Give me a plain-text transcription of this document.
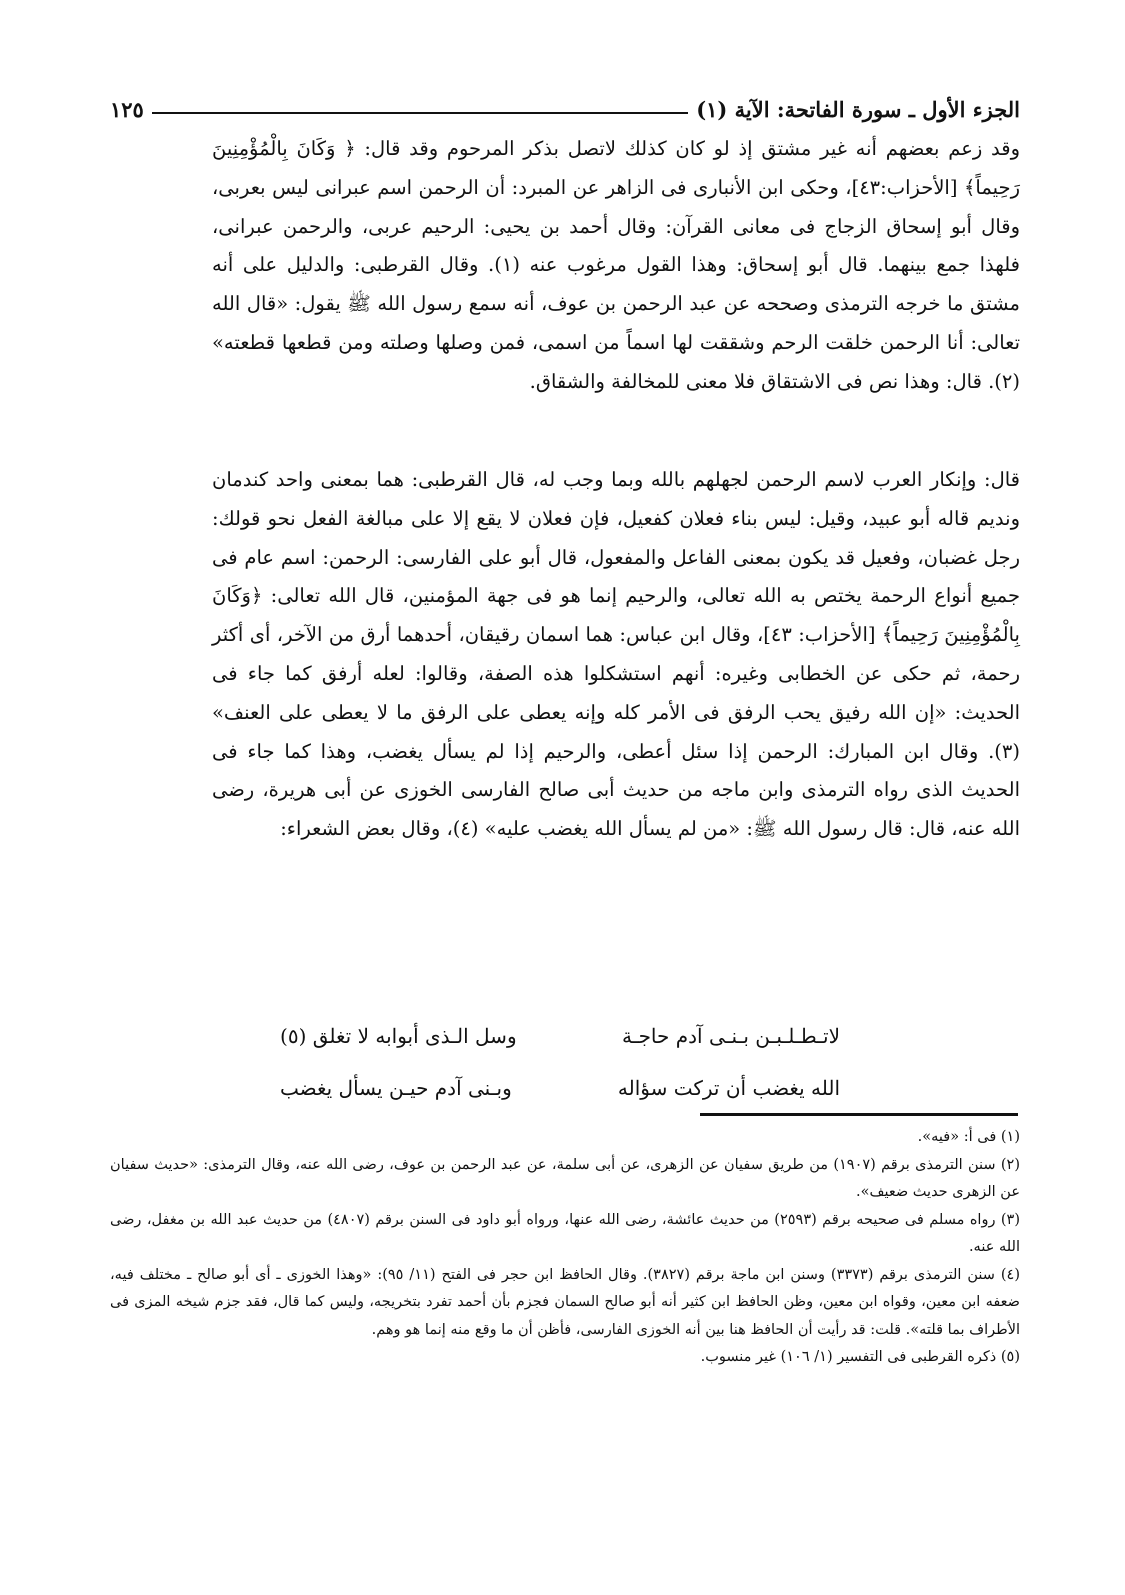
الجزء الأول ـ سورة الفاتحة: الآية (١)
١٢٥

وقد زعم بعضهم أنه غير مشتق إذ لو كان كذلك لاتصل بذكر المرحوم وقد قال: ﴿ وَكَانَ بِالْمُؤْمِنِينَ رَحِيماً﴾ [الأحزاب:٤٣]، وحكى ابن الأنبارى فى الزاهر عن المبرد: أن الرحمن اسم عبرانى ليس بعربى، وقال أبو إسحاق الزجاج فى معانى القرآن: وقال أحمد بن يحيى: الرحيم عربى، والرحمن عبرانى، فلهذا جمع بينهما. قال أبو إسحاق: وهذا القول مرغوب عنه (١). وقال القرطبى: والدليل على أنه مشتق ما خرجه الترمذى وصححه عن عبد الرحمن بن عوف، أنه سمع رسول الله ﷺ يقول: «قال الله تعالى: أنا الرحمن خلقت الرحم وشققت لها اسماً من اسمى، فمن وصلها وصلته ومن قطعها قطعته» (٢). قال: وهذا نص فى الاشتقاق فلا معنى للمخالفة والشقاق.

قال: وإنكار العرب لاسم الرحمن لجهلهم بالله وبما وجب له، قال القرطبى: هما بمعنى واحد كندمان ونديم قاله أبو عبيد، وقيل: ليس بناء فعلان كفعيل، فإن فعلان لا يقع إلا على مبالغة الفعل نحو قولك: رجل غضبان، وفعيل قد يكون بمعنى الفاعل والمفعول، قال أبو على الفارسى: الرحمن: اسم عام فى جميع أنواع الرحمة يختص به الله تعالى، والرحيم إنما هو فى جهة المؤمنين، قال الله تعالى: ﴿وَكَانَ بِالْمُؤْمِنِينَ رَحِيماً﴾ [الأحزاب: ٤٣]، وقال ابن عباس: هما اسمان رقيقان، أحدهما أرق من الآخر، أى أكثر رحمة، ثم حكى عن الخطابى وغيره: أنهم استشكلوا هذه الصفة، وقالوا: لعله أرفق كما جاء فى الحديث: «إن الله رفيق يحب الرفق فى الأمر كله وإنه يعطى على الرفق ما لا يعطى على العنف» (٣). وقال ابن المبارك: الرحمن إذا سئل أعطى، والرحيم إذا لم يسأل يغضب، وهذا كما جاء فى الحديث الذى رواه الترمذى وابن ماجه من حديث أبى صالح الفارسى الخوزى عن أبى هريرة، رضى الله عنه، قال: قال رسول الله ﷺ: «من لم يسأل الله يغضب عليه» (٤)، وقال بعض الشعراء:

لاتـطـلـبـن بـنـى آدم حاجـة
وسل الـذى أبوابه لا تغلق (٥)
الله يغضب أن تركت سؤاله
وبـنى آدم حيـن يسأل يغضب

(١) فى أ: «فيه».

(٢) سنن الترمذى برقم (١٩٠٧) من طريق سفيان عن الزهرى، عن أبى سلمة، عن عبد الرحمن بن عوف، رضى الله عنه، وقال الترمذى: «حديث سفيان عن الزهرى حديث ضعيف».

(٣) رواه مسلم فى صحيحه برقم (٢٥٩٣) من حديث عائشة، رضى الله عنها، ورواه أبو داود فى السنن برقم (٤٨٠٧) من حديث عبد الله بن مغفل، رضى الله عنه.

(٤) سنن الترمذى برقم (٣٣٧٣) وسنن ابن ماجة برقم (٣٨٢٧). وقال الحافظ ابن حجر فى الفتح (١١/ ٩٥): «وهذا الخوزى ـ أى أبو صالح ـ مختلف فيه، ضعفه ابن معين، وقواه ابن معين، وظن الحافظ ابن كثير أنه أبو صالح السمان فجزم بأن أحمد تفرد بتخريجه، وليس كما قال، فقد جزم شيخه المزى فى الأطراف بما قلته». قلت: قد رأيت أن الحافظ هنا بين أنه الخوزى الفارسى، فأظن أن ما وقع منه إنما هو وهم.

(٥) ذكره القرطبى فى التفسير (١/ ١٠٦) غير منسوب.
